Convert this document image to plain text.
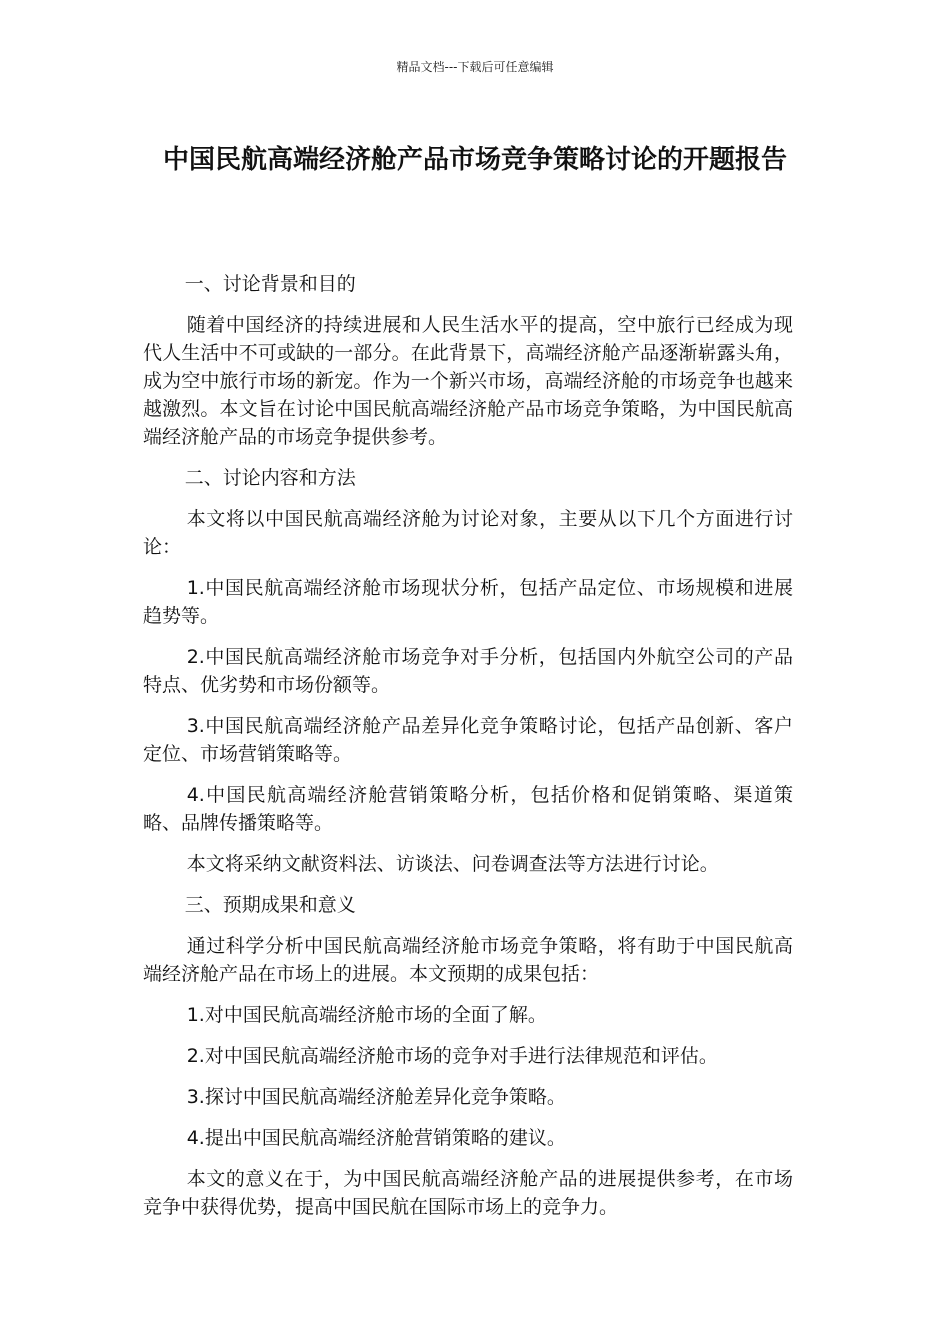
精品文档---下载后可任意编辑
中国民航高端经济舱产品市场竞争策略讨论的开题报告

一、讨论背景和目的

随着中国经济的持续进展和人民生活水平的提高，空中旅行已经成为现代人生活中不可或缺的一部分。在此背景下，高端经济舱产品逐渐崭露头角，成为空中旅行市场的新宠。作为一个新兴市场，高端经济舱的市场竞争也越来越激烈。本文旨在讨论中国民航高端经济舱产品市场竞争策略，为中国民航高端经济舱产品的市场竞争提供参考。

二、讨论内容和方法

本文将以中国民航高端经济舱为讨论对象，主要从以下几个方面进行讨论：

1.中国民航高端经济舱市场现状分析，包括产品定位、市场规模和进展趋势等。

2.中国民航高端经济舱市场竞争对手分析，包括国内外航空公司的产品特点、优劣势和市场份额等。

3.中国民航高端经济舱产品差异化竞争策略讨论，包括产品创新、客户定位、市场营销策略等。

4.中国民航高端经济舱营销策略分析，包括价格和促销策略、渠道策略、品牌传播策略等。

本文将采纳文献资料法、访谈法、问卷调查法等方法进行讨论。

三、预期成果和意义

通过科学分析中国民航高端经济舱市场竞争策略，将有助于中国民航高端经济舱产品在市场上的进展。本文预期的成果包括：

1.对中国民航高端经济舱市场的全面了解。

2.对中国民航高端经济舱市场的竞争对手进行法律规范和评估。

3.探讨中国民航高端经济舱差异化竞争策略。

4.提出中国民航高端经济舱营销策略的建议。

本文的意义在于，为中国民航高端经济舱产品的进展提供参考，在市场竞争中获得优势，提高中国民航在国际市场上的竞争力。
